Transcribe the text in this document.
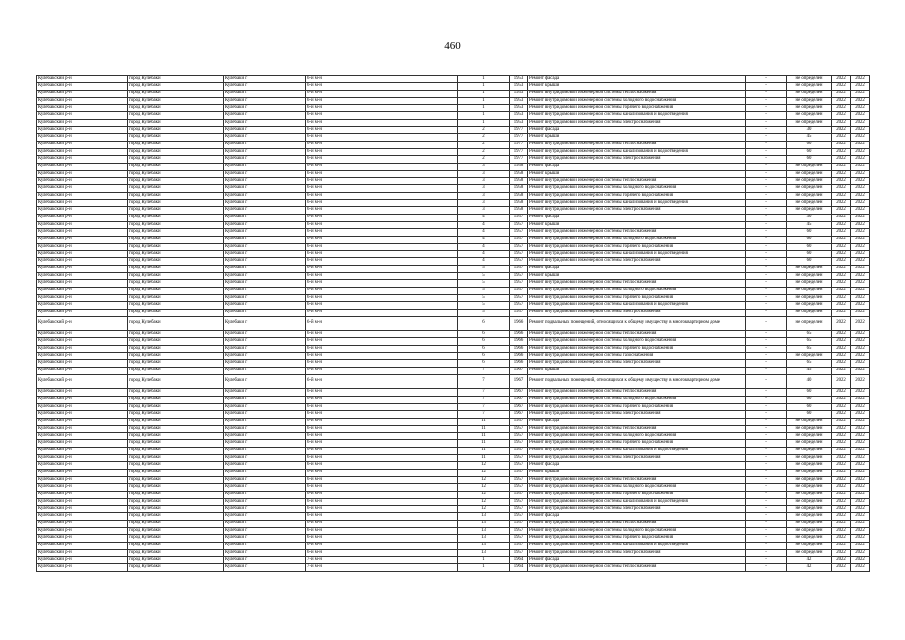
460
Кулебакский р-н	город Кулебаки	Кулебаки г	6-й м-н	1	1953	Ремонт фасада	-	не определен	2022	2022
Кулебакский р-н	город Кулебаки	Кулебаки г	6-й м-н	1	1953	Ремонт крыши	-	не определен	2022	2022
Кулебакский р-н	город Кулебаки	Кулебаки г	6-й м-н	1	1953	Ремонт внутридомовой инженерной системы теплоснабжения	-	не определен	2022	2022
Кулебакский р-н	город Кулебаки	Кулебаки г	6-й м-н	1	1953	Ремонт внутридомовой инженерной системы холодного водоснабжения	-	не определен	2022	2022
Кулебакский р-н	город Кулебаки	Кулебаки г	6-й м-н	1	1953	Ремонт внутридомовой инженерной системы горячего водоснабжения	-	не определен	2022	2022
Кулебакский р-н	город Кулебаки	Кулебаки г	6-й м-н	1	1953	Ремонт внутридомовой инженерной системы канализования и водоотведения	-	не определен	2022	2022
Кулебакский р-н	город Кулебаки	Кулебаки г	6-й м-н	1	1953	Ремонт внутридомовой инженерной системы электроснабжения	-	не определен	2022	2022
Кулебакский р-н	город Кулебаки	Кулебаки г	6-й м-н	2	1977	Ремонт фасада	-	30	2022	2022
Кулебакский р-н	город Кулебаки	Кулебаки г	6-й м-н	2	1977	Ремонт крыши	-	45	2022	2022
Кулебакский р-н	город Кулебаки	Кулебаки г	6-й м-н	2	1977	Ремонт внутридомовой инженерной системы теплоснабжения	-	60	2022	2022
Кулебакский р-н	город Кулебаки	Кулебаки г	6-й м-н	2	1977	Ремонт внутридомовой инженерной системы канализования и водоотведения	-	60	2022	2022
Кулебакский р-н	город Кулебаки	Кулебаки г	6-й м-н	2	1977	Ремонт внутридомовой инженерной системы электроснабжения	-	60	2022	2022
Кулебакский р-н	город Кулебаки	Кулебаки г	6-й м-н	3	1958	Ремонт фасада	-	не определен	2022	2022
Кулебакский р-н	город Кулебаки	Кулебаки г	6-й м-н	3	1958	Ремонт крыши	-	не определен	2022	2022
Кулебакский р-н	город Кулебаки	Кулебаки г	6-й м-н	3	1958	Ремонт внутридомовой инженерной системы теплоснабжения	-	не определен	2022	2022
Кулебакский р-н	город Кулебаки	Кулебаки г	6-й м-н	3	1958	Ремонт внутридомовой инженерной системы холодного водоснабжения	-	не определен	2022	2022
Кулебакский р-н	город Кулебаки	Кулебаки г	6-й м-н	3	1958	Ремонт внутридомовой инженерной системы горячего водоснабжения	-	не определен	2022	2022
Кулебакский р-н	город Кулебаки	Кулебаки г	6-й м-н	3	1958	Ремонт внутридомовой инженерной системы канализования и водоотведения	-	не определен	2022	2022
Кулебакский р-н	город Кулебаки	Кулебаки г	6-й м-н	3	1958	Ремонт внутридомовой инженерной системы электроснабжения	-	не определен	2022	2022
Кулебакский р-н	город Кулебаки	Кулебаки г	6-й м-н	4	1957	Ремонт фасада	-	30	2022	2022
Кулебакский р-н	город Кулебаки	Кулебаки г	6-й м-н	4	1957	Ремонт крыши	-	45	2022	2022
Кулебакский р-н	город Кулебаки	Кулебаки г	6-й м-н	4	1957	Ремонт внутридомовой инженерной системы теплоснабжения	-	60	2022	2022
Кулебакский р-н	город Кулебаки	Кулебаки г	6-й м-н	4	1957	Ремонт внутридомовой инженерной системы холодного водоснабжения	-	60	2022	2022
Кулебакский р-н	город Кулебаки	Кулебаки г	6-й м-н	4	1957	Ремонт внутридомовой инженерной системы горячего водоснабжения	-	60	2022	2022
Кулебакский р-н	город Кулебаки	Кулебаки г	6-й м-н	4	1957	Ремонт внутридомовой инженерной системы канализования и водоотведения	-	60	2022	2022
Кулебакский р-н	город Кулебаки	Кулебаки г	6-й м-н	4	1957	Ремонт внутридомовой инженерной системы электроснабжения	-	60	2022	2022
Кулебакский р-н	город Кулебаки	Кулебаки г	6-й м-н	5	1957	Ремонт фасада	-	не определен	2022	2022
Кулебакский р-н	город Кулебаки	Кулебаки г	6-й м-н	5	1957	Ремонт крыши	-	не определен	2022	2022
Кулебакский р-н	город Кулебаки	Кулебаки г	6-й м-н	5	1957	Ремонт внутридомовой инженерной системы теплоснабжения	-	не определен	2022	2022
Кулебакский р-н	город Кулебаки	Кулебаки г	6-й м-н	5	1957	Ремонт внутридомовой инженерной системы холодного водоснабжения	-	не определен	2022	2022
Кулебакский р-н	город Кулебаки	Кулебаки г	6-й м-н	5	1957	Ремонт внутридомовой инженерной системы горячего водоснабжения	-	не определен	2022	2022
Кулебакский р-н	город Кулебаки	Кулебаки г	6-й м-н	5	1957	Ремонт внутридомовой инженерной системы канализования и водоотведения	-	не определен	2022	2022
Кулебакский р-н	город Кулебаки	Кулебаки г	6-й м-н	5	1957	Ремонт внутридомовой инженерной системы электроснабжения	-	не определен	2022	2022
Кулебакский р-н	город Кулебаки	Кулебаки г	6-й м-н	6	1966	Ремонт подвальных помещений, относящихся к общему имуществу в многоквартирном доме	-	не определен	2022	2022
Кулебакский р-н	город Кулебаки	Кулебаки г	6-й м-н	6	1966	Ремонт внутридомовой инженерной системы теплоснабжения	-	65	2022	2022
Кулебакский р-н	город Кулебаки	Кулебаки г	6-й м-н	6	1966	Ремонт внутридомовой инженерной системы холодного водоснабжения	-	65	2022	2022
Кулебакский р-н	город Кулебаки	Кулебаки г	6-й м-н	6	1966	Ремонт внутридомовой инженерной системы горячего водоснабжения	-	65	2022	2022
Кулебакский р-н	город Кулебаки	Кулебаки г	6-й м-н	6	1966	Ремонт внутридомовой инженерной системы газоснабжения	-	не определен	2022	2022
Кулебакский р-н	город Кулебаки	Кулебаки г	6-й м-н	6	1966	Ремонт внутридомовой инженерной системы электроснабжения	-	65	2022	2022
Кулебакский р-н	город Кулебаки	Кулебаки г	6-й м-н	7	1967	Ремонт крыши	-	45	2022	2022
Кулебакский р-н	город Кулебаки	Кулебаки г	6-й м-н	7	1967	Ремонт подвальных помещений, относящихся к общему имуществу в многоквартирном доме	-	40	2022	2022
Кулебакский р-н	город Кулебаки	Кулебаки г	6-й м-н	7	1967	Ремонт внутридомовой инженерной системы теплоснабжения	-	60	2022	2022
Кулебакский р-н	город Кулебаки	Кулебаки г	6-й м-н	7	1967	Ремонт внутридомовой инженерной системы холодного водоснабжения	-	60	2022	2022
Кулебакский р-н	город Кулебаки	Кулебаки г	6-й м-н	7	1967	Ремонт внутридомовой инженерной системы горячего водоснабжения	-	60	2022	2022
Кулебакский р-н	город Кулебаки	Кулебаки г	6-й м-н	7	1967	Ремонт внутридомовой инженерной системы электроснабжения	-	60	2022	2022
Кулебакский р-н	город Кулебаки	Кулебаки г	6-й м-н	11	1957	Ремонт фасада	-	не определен	2022	2022
Кулебакский р-н	город Кулебаки	Кулебаки г	6-й м-н	11	1957	Ремонт внутридомовой инженерной системы теплоснабжения	-	не определен	2022	2022
Кулебакский р-н	город Кулебаки	Кулебаки г	6-й м-н	11	1957	Ремонт внутридомовой инженерной системы холодного водоснабжения	-	не определен	2022	2022
Кулебакский р-н	город Кулебаки	Кулебаки г	6-й м-н	11	1957	Ремонт внутридомовой инженерной системы горячего водоснабжения	-	не определен	2022	2022
Кулебакский р-н	город Кулебаки	Кулебаки г	6-й м-н	11	1957	Ремонт внутридомовой инженерной системы канализования и водоотведения	-	не определен	2022	2022
Кулебакский р-н	город Кулебаки	Кулебаки г	6-й м-н	11	1957	Ремонт внутридомовой инженерной системы электроснабжения	-	не определен	2022	2022
Кулебакский р-н	город Кулебаки	Кулебаки г	6-й м-н	12	1957	Ремонт фасада	-	не определен	2022	2022
Кулебакский р-н	город Кулебаки	Кулебаки г	6-й м-н	12	1957	Ремонт крыши	-	не определен	2022	2022
Кулебакский р-н	город Кулебаки	Кулебаки г	6-й м-н	12	1957	Ремонт внутридомовой инженерной системы теплоснабжения	-	не определен	2022	2022
Кулебакский р-н	город Кулебаки	Кулебаки г	6-й м-н	12	1957	Ремонт внутридомовой инженерной системы холодного водоснабжения	-	не определен	2022	2022
Кулебакский р-н	город Кулебаки	Кулебаки г	6-й м-н	12	1957	Ремонт внутридомовой инженерной системы горячего водоснабжения	-	не определен	2022	2022
Кулебакский р-н	город Кулебаки	Кулебаки г	6-й м-н	12	1957	Ремонт внутридомовой инженерной системы канализования и водоотведения	-	не определен	2022	2022
Кулебакский р-н	город Кулебаки	Кулебаки г	6-й м-н	12	1957	Ремонт внутридомовой инженерной системы электроснабжения	-	не определен	2022	2022
Кулебакский р-н	город Кулебаки	Кулебаки г	6-й м-н	13	1957	Ремонт фасада	-	не определен	2022	2022
Кулебакский р-н	город Кулебаки	Кулебаки г	6-й м-н	13	1957	Ремонт внутридомовой инженерной системы теплоснабжения	-	не определен	2022	2022
Кулебакский р-н	город Кулебаки	Кулебаки г	6-й м-н	13	1957	Ремонт внутридомовой инженерной системы холодного водоснабжения	-	не определен	2022	2022
Кулебакский р-н	город Кулебаки	Кулебаки г	6-й м-н	13	1957	Ремонт внутридомовой инженерной системы горячего водоснабжения	-	не определен	2022	2022
Кулебакский р-н	город Кулебаки	Кулебаки г	6-й м-н	13	1957	Ремонт внутридомовой инженерной системы канализования и водоотведения	-	не определен	2022	2022
Кулебакский р-н	город Кулебаки	Кулебаки г	6-й м-н	13	1957	Ремонт внутридомовой инженерной системы электроснабжения	-	не определен	2022	2022
Кулебакский р-н	город Кулебаки	Кулебаки г	7-й м-н	1	1964	Ремонт фасада	-	42	2022	2022
Кулебакский р-н	город Кулебаки	Кулебаки г	7-й м-н	1	1964	Ремонт внутридомовой инженерной системы теплоснабжения	-	42	2022	2022
